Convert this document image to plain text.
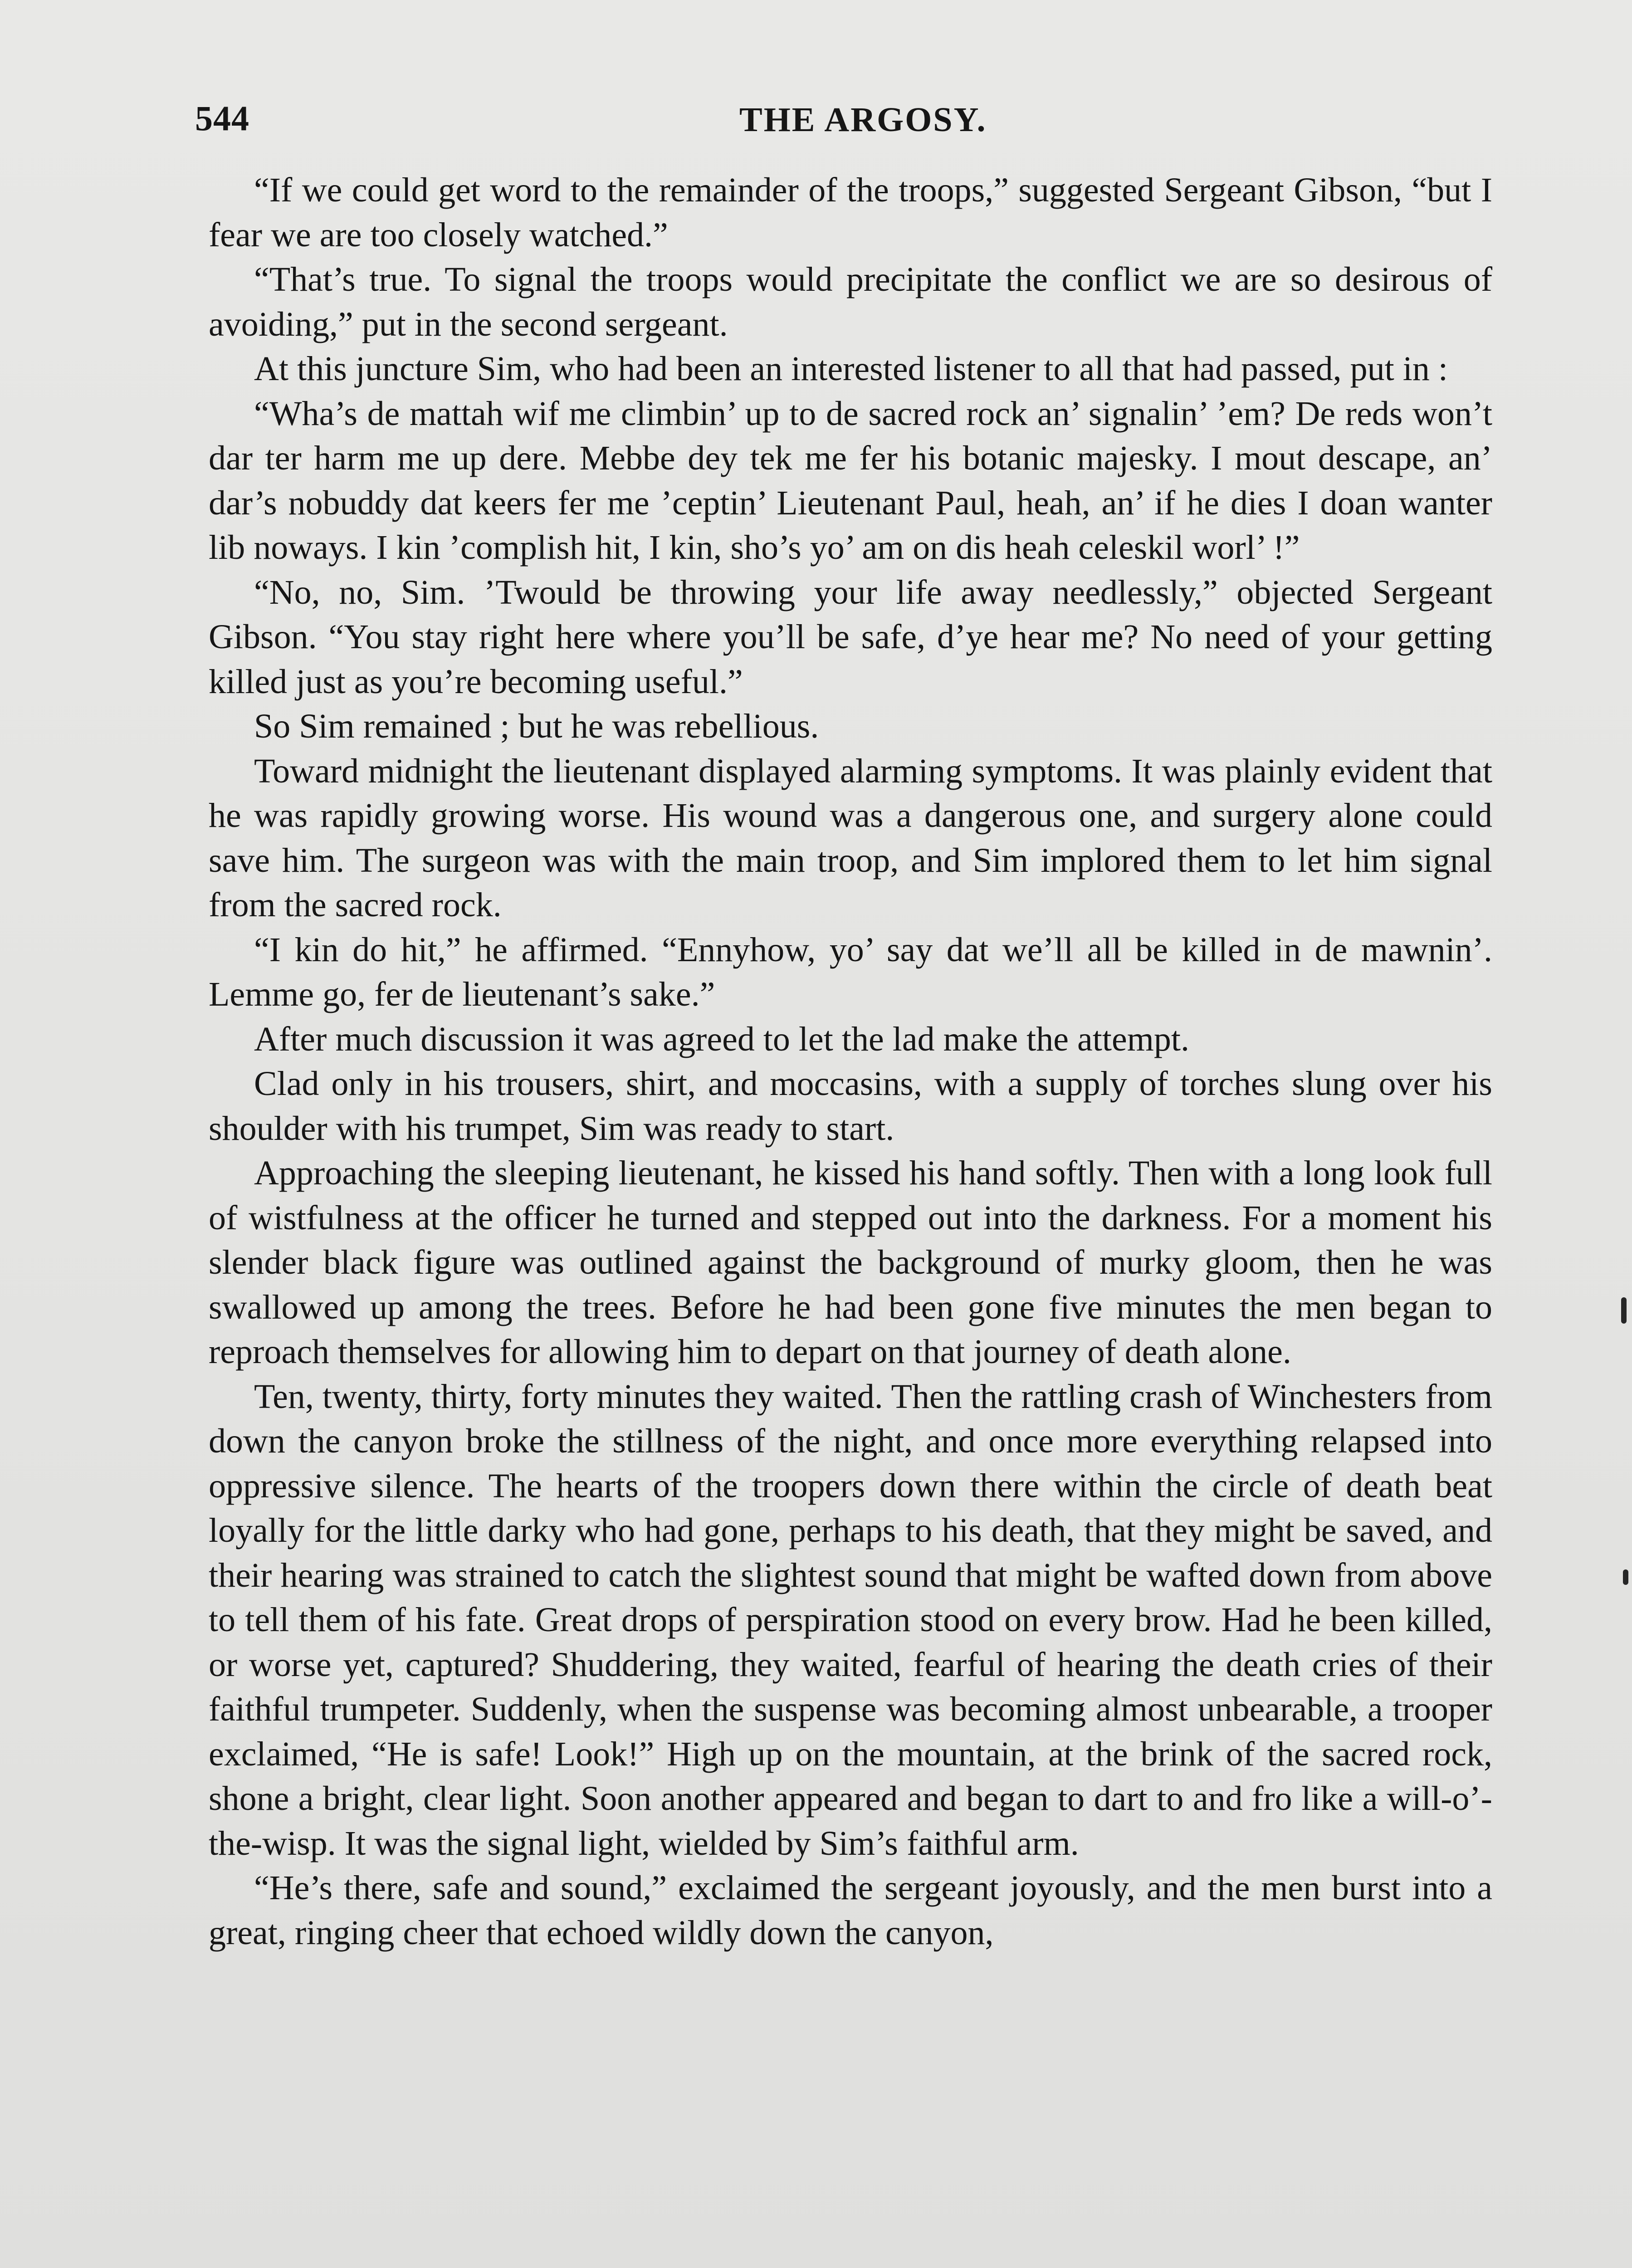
544	THE ARGOSY.

“If we could get word to the remainder of the troops,” suggested Sergeant Gibson, “but I fear we are too closely watched.”

“That’s true. To signal the troops would precipitate the conflict we are so desirous of avoiding,” put in the second sergeant.

At this juncture Sim, who had been an interested listener to all that had passed, put in :

“Wha’s de mattah wif me climbin’ up to de sacred rock an’ signalin’ ’em? De reds won’t dar ter harm me up dere. Mebbe dey tek me fer his botanic majesky. I mout descape, an’ dar’s nobuddy dat keers fer me ’ceptin’ Lieutenant Paul, heah, an’ if he dies I doan wanter lib noways. I kin ’complish hit, I kin, sho’s yo’ am on dis heah celeskil worl’ !”

“No, no, Sim. ’Twould be throwing your life away needlessly,” objected Sergeant Gibson. “You stay right here where you’ll be safe, d’ye hear me? No need of your getting killed just as you’re becoming useful.”

So Sim remained ; but he was rebellious.

Toward midnight the lieutenant displayed alarming symptoms. It was plainly evident that he was rapidly growing worse. His wound was a dangerous one, and surgery alone could save him. The surgeon was with the main troop, and Sim implored them to let him signal from the sacred rock.

“I kin do hit,” he affirmed. “Ennyhow, yo’ say dat we’ll all be killed in de mawnin’. Lemme go, fer de lieutenant’s sake.”

After much discussion it was agreed to let the lad make the attempt.

Clad only in his trousers, shirt, and moccasins, with a supply of torches slung over his shoulder with his trumpet, Sim was ready to start.

Approaching the sleeping lieutenant, he kissed his hand softly. Then with a long look full of wistfulness at the officer he turned and stepped out into the darkness. For a moment his slender black figure was outlined against the background of murky gloom, then he was swallowed up among the trees. Before he had been gone five minutes the men began to reproach themselves for allowing him to depart on that journey of death alone.

Ten, twenty, thirty, forty minutes they waited. Then the rattling crash of Winchesters from down the canyon broke the stillness of the night, and once more everything relapsed into oppressive silence. The hearts of the troopers down there within the circle of death beat loyally for the little darky who had gone, perhaps to his death, that they might be saved, and their hearing was strained to catch the slightest sound that might be wafted down from above to tell them of his fate. Great drops of perspiration stood on every brow. Had he been killed, or worse yet, captured? Shuddering, they waited, fearful of hearing the death cries of their faithful trumpeter. Suddenly, when the suspense was becoming almost unbearable, a trooper exclaimed, “He is safe! Look!” High up on the mountain, at the brink of the sacred rock, shone a bright, clear light. Soon another appeared and began to dart to and fro like a will-o’-the-wisp. It was the signal light, wielded by Sim’s faithful arm.

“He’s there, safe and sound,” exclaimed the sergeant joyously, and the men burst into a great, ringing cheer that echoed wildly down the canyon,
